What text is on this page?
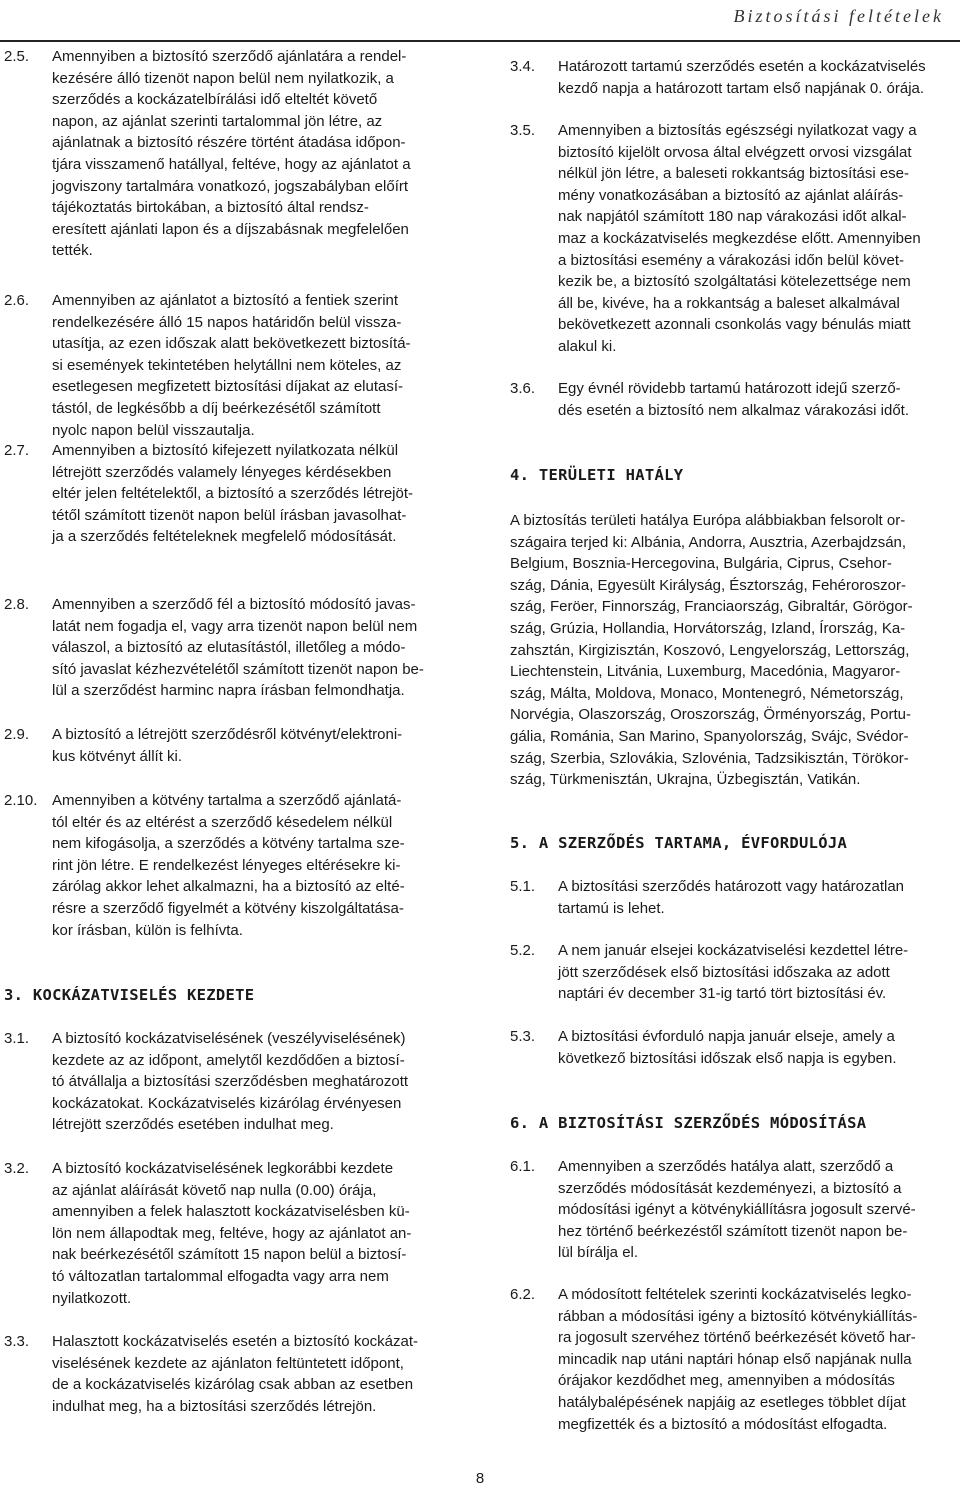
Biztosítási feltételek
2.5. Amennyiben a biztosító szerződő ajánlatára a rendel-
kezésére álló tizenöt napon belül nem nyilatkozik, a
szerződés a kockázatelbírálási idő elteltét követő
napon, az ajánlat szerinti tartalommal jön létre, az
ajánlatnak a biztosító részére történt átadása időpon-
tjára visszamenő hatállyal, feltéve, hogy az ajánlatot a
jogviszony tartalmára vonatkozó, jogszabályban előírt
tájékoztatás birtokában, a biztosító által rendsz-
eresített ajánlati lapon és a díjszabásnak megfelelően
tették.
2.6. Amennyiben az ajánlatot a biztosító a fentiek szerint
rendelkezésére álló 15 napos határidőn belül vissza-
utasítja, az ezen időszak alatt bekövetkezett biztosítá-
si események tekintetében helytállni nem köteles, az
esetlegesen megfizetett biztosítási díjakat az elutasí-
tástól, de legkésőbb a díj beérkezésétől számított
nyolc napon belül visszautalja.
2.7. Amennyiben a biztosító kifejezett nyilatkozata nélkül
létrejött szerződés valamely lényeges kérdésekben
eltér jelen feltételektől, a biztosító a szerződés létrejöt-
tétől számított tizenöt napon belül írásban javasolhat-
ja a szerződés feltételeknek megfelelő módosítását.
2.8. Amennyiben a szerződő fél a biztosító módosító javas-
latát nem fogadja el, vagy arra tizenöt napon belül nem
válaszol, a biztosító az elutasítástól, illetőleg a módo-
sító javaslat kézhezvételétől számított tizenöt napon be-
lül a szerződést harminc napra írásban felmondhatja.
2.9. A biztosító a létrejött szerződésről kötvényt/elektroni-
kus kötvényt állít ki.
2.10. Amennyiben a kötvény tartalma a szerződő ajánlatá-
tól eltér és az eltérést a szerződő késedelem nélkül
nem kifogásolja, a szerződés a kötvény tartalma sze-
rint jön létre. E rendelkezést lényeges eltérésekre ki-
zárólag akkor lehet alkalmazni, ha a biztosító az elté-
résre a szerződő figyelmét a kötvény kiszolgáltatása-
kor írásban, külön is felhívta.
3. KOCKÁZATVISELÉS KEZDETE
3.1. A biztosító kockázatviselésének (veszélyviselésének)
kezdete az az időpont, amelytől kezdődően a biztosí-
tó átvállalja a biztosítási szerződésben meghatározott
kockázatokat. Kockázatviselés kizárólag érvényesen
létrejött szerződés esetében indulhat meg.
3.2. A biztosító kockázatviselésének legkorábbi kezdete
az ajánlat aláírását követő nap nulla (0.00) órája,
amennyiben a felek halasztott kockázatviselésben kü-
lön nem állapodtak meg, feltéve, hogy az ajánlatot an-
nak beérkezésétől számított 15 napon belül a biztosí-
tó változatlan tartalommal elfogadta vagy arra nem
nyilatkozott.
3.3. Halasztott kockázatviselés esetén a biztosító kockázat-
viselésének kezdete az ajánlaton feltüntetett időpont,
de a kockázatviselés kizárólag csak abban az esetben
indulhat meg, ha a biztosítási szerződés létrejön.
3.4. Határozott tartamú szerződés esetén a kockázatviselés
kezdő napja a határozott tartam első napjának 0. órája.
3.5. Amennyiben a biztosítás egészségi nyilatkozat vagy a
biztosító kijelölt orvosa által elvégzett orvosi vizsgálat
nélkül jön létre, a baleseti rokkantság biztosítási ese-
mény vonatkozásában a biztosító az ajánlat aláírás-
nak napjától számított 180 nap várakozási időt alkal-
maz a kockázatviselés megkezdése előtt. Amennyiben
a biztosítási esemény a várakozási időn belül követ-
kezik be, a biztosító szolgáltatási kötelezettsége nem
áll be, kivéve, ha a rokkantság a baleset alkalmával
bekövetkezett azonnali csonkolás vagy bénulás miatt
alakul ki.
3.6. Egy évnél rövidebb tartamú határozott idejű szerző-
dés esetén a biztosító nem alkalmaz várakozási időt.
4. TERÜLETI HATÁLY
A biztosítás területi hatálya Európa alábbiakban felsorolt or-
szágaira terjed ki: Albánia, Andorra, Ausztria, Azerbajdzsán,
Belgium, Bosznia-Hercegovina, Bulgária, Ciprus, Csehor-
szág, Dánia, Egyesült Királyság, Észtország, Fehéroroszor-
szág, Feröer, Finnország, Franciaország, Gibraltár, Görögor-
szág, Grúzia, Hollandia, Horvátország, Izland, Írország, Ka-
zahsztán, Kirgizisztán, Koszovó, Lengyelország, Lettország,
Liechtenstein, Litvánia, Luxemburg, Macedónia, Magyaror-
szág, Málta, Moldova, Monaco, Montenegró, Németország,
Norvégia, Olaszország, Oroszország, Örményország, Portu-
gália, Románia, San Marino, Spanyolország, Svájc, Svédor-
szág, Szerbia, Szlovákia, Szlovénia, Tadzsikisztán, Törökor-
szág, Türkmenisztán, Ukrajna, Üzbegisztán, Vatikán.
5. A SZERZŐDÉS TARTAMA, ÉVFORDULÓJA
5.1. A biztosítási szerződés határozott vagy határozatlan
tartamú is lehet.
5.2. A nem január elsejei kockázatviselési kezdettel létre-
jött szerződések első biztosítási időszaka az adott
naptári év december 31-ig tartó tört biztosítási év.
5.3. A biztosítási évforduló napja január elseje, amely a
következő biztosítási időszak első napja is egyben.
6. A BIZTOSÍTÁSI SZERZŐDÉS MÓDOSÍTÁSA
6.1. Amennyiben a szerződés hatálya alatt, szerződő a
szerződés módosítását kezdeményezi, a biztosító a
módosítási igényt a kötvénykiállításra jogosult szervé-
hez történő beérkezéstől számított tizenöt napon be-
lül bírálja el.
6.2. A módosított feltételek szerinti kockázatviselés legko-
rábban a módosítási igény a biztosító kötvénykiállítás-
ra jogosult szervéhez történő beérkezését követő har-
mincadik nap utáni naptári hónap első napjának nulla
órájakor kezdődhet meg, amennyiben a módosítás
hatálybalépésének napjáig az esetleges többlet díjat
megfizették és a biztosító a módosítást elfogadta.
8
